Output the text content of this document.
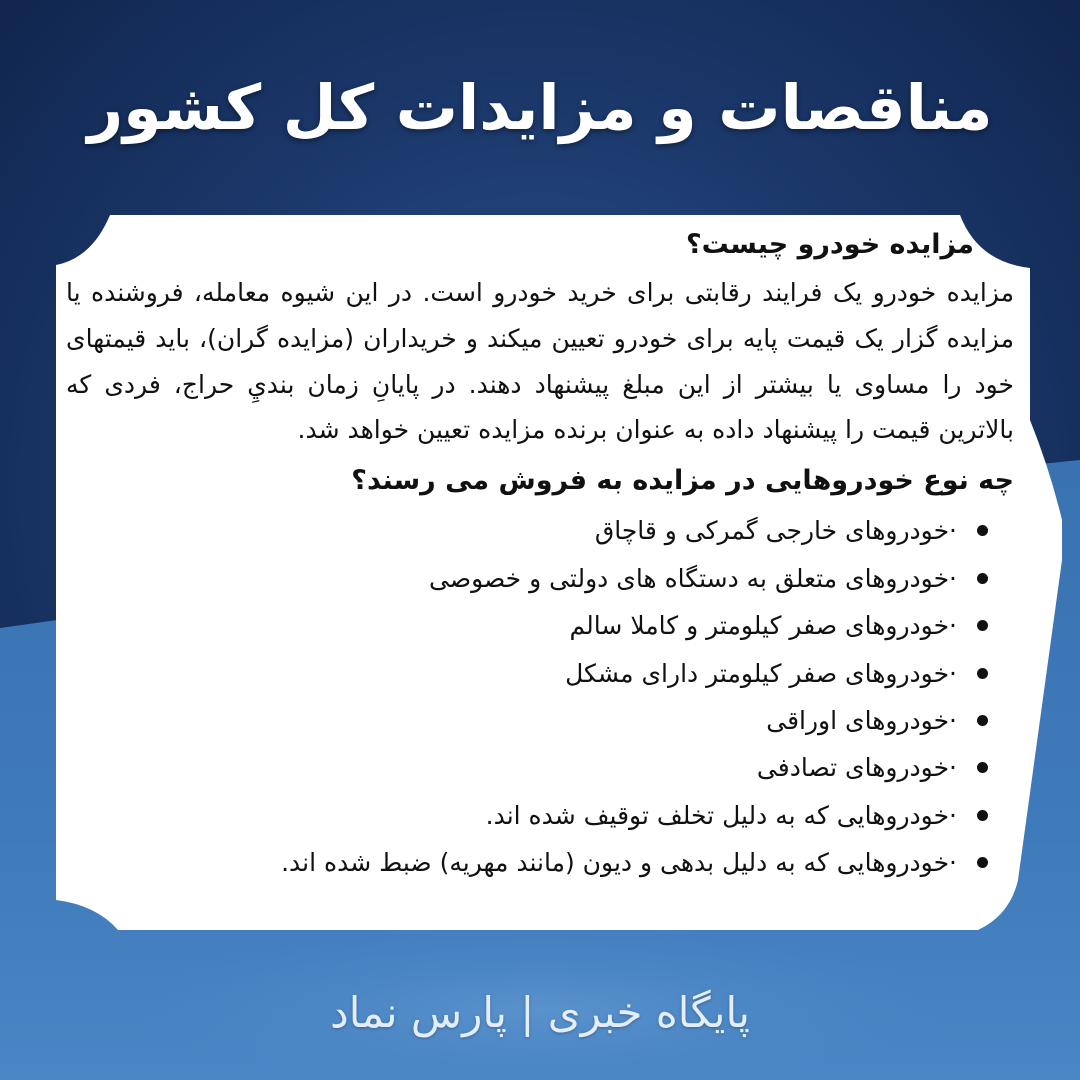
مناقصات و مزایدات کل کشور
مزایده خودرو چیست؟

مزایده خودرو یک فرایند رقابتی برای خرید خودرو است. در این شیوه معامله، فروشنده یا مزایده گزار یک قیمت پایه برای خودرو تعیین میکند و خریداران (مزایده گران)، باید قیمتهای خود را مساوی یا بیشتر از این مبلغ پیشنهاد دهند. در پایانِ زمان بنديِ حراج، فردی که بالاترین قیمت را پیشنهاد داده به عنوان برنده مزایده تعیین خواهد شد.

چه نوع خودروهایی در مزایده به فروش می رسند؟
·خودروهای خارجی گمرکی و قاچاق
·خودروهای متعلق به دستگاه های دولتی و خصوصی
·خودروهای صفر کیلومتر و کاملا سالم
·خودروهای صفر کیلومتر دارای مشکل
·خودروهای اوراقی
·خودروهای تصادفی
·خودروهایی که به دلیل تخلف توقیف شده اند.
·خودروهایی که به دلیل بدهی و دیون (مانند مهریه) ضبط شده اند.
پایگاه خبری | پارس نماد
